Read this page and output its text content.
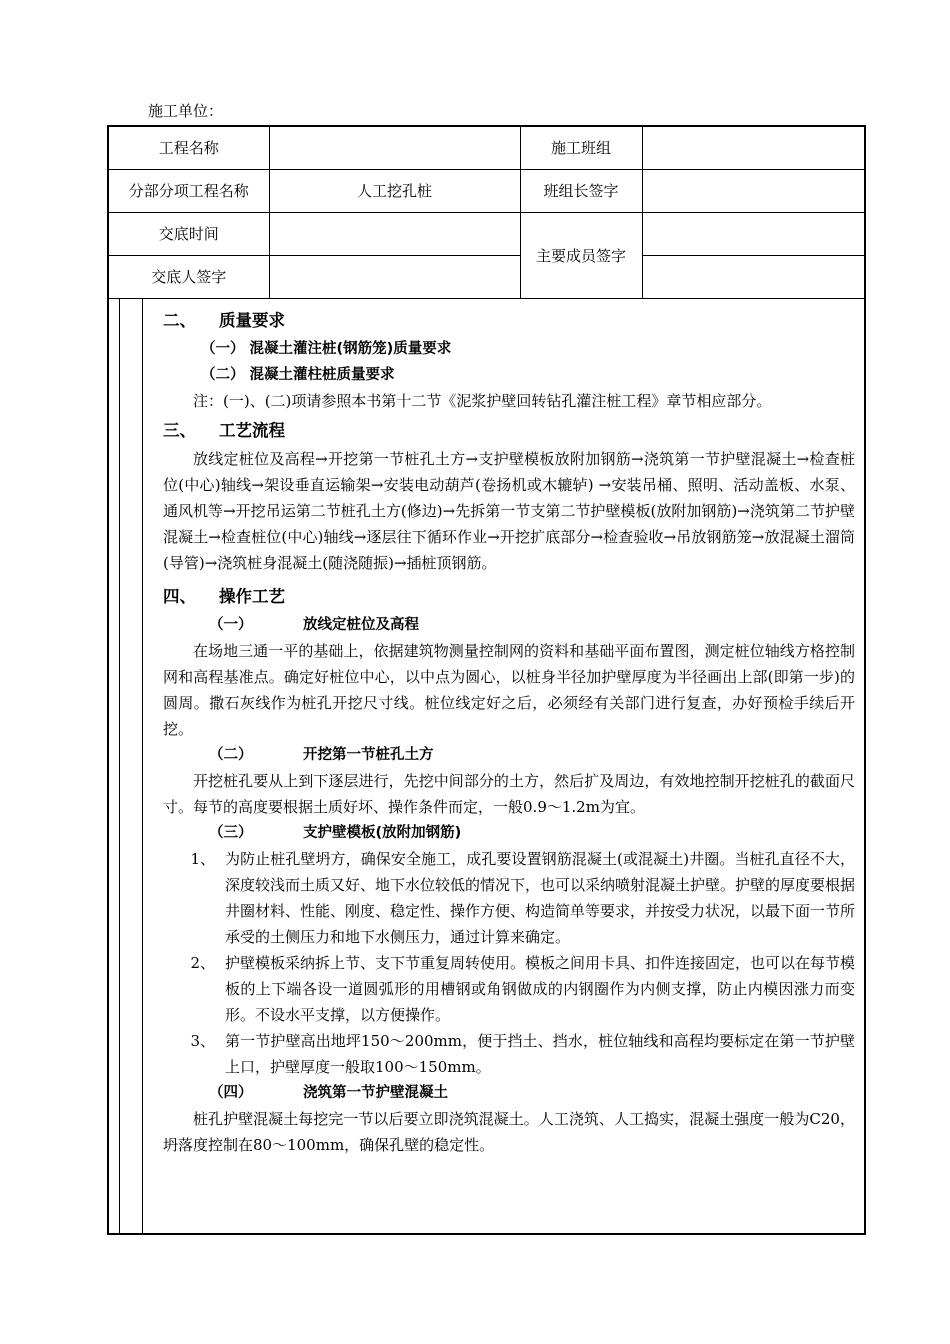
施工单位：
工程名称		施工班组	
分部分项工程名称	人工挖孔桩	班组长签字	
交底时间		主要成员签字	
交底人签字			
二、 质量要求
（一） 混凝土灌注桩(钢筋笼)质量要求
（二） 混凝土灌柱桩质量要求
注：(一)、(二)项请参照本书第十二节《泥浆护壁回转钻孔灌注桩工程》章节相应部分。
三、 工艺流程
放线定桩位及高程→开挖第一节桩孔土方→支护壁模板放附加钢筋→浇筑第一节护壁混凝土→检查桩位(中心)轴线→架设垂直运输架→安装电动葫芦(卷扬机或木辘轳) →安装吊桶、照明、活动盖板、水泵、通风机等→开挖吊运第二节桩孔土方(修边)→先拆第一节支第二节护壁模板(放附加钢筋)→浇筑第二节护壁混凝土→检查桩位(中心)轴线→逐层往下循环作业→开挖扩底部分→检查验收→吊放钢筋笼→放混凝土溜筒(导管)→浇筑桩身混凝土(随浇随振)→插桩顶钢筋。
四、 操作工艺
（一）          放线定桩位及高程
在场地三通一平的基础上，依据建筑物测量控制网的资料和基础平面布置图，测定桩位轴线方格控制网和高程基准点。确定好桩位中心，以中点为圆心，以桩身半径加护壁厚度为半径画出上部(即第一步)的圆周。撒石灰线作为桩孔开挖尺寸线。桩位线定好之后，必须经有关部门进行复查，办好预检手续后开挖。
（二）          开挖第一节桩孔土方
开挖桩孔要从上到下逐层进行，先挖中间部分的土方，然后扩及周边，有效地控制开挖桩孔的截面尺寸。每节的高度要根据土质好坏、操作条件而定，一般0.9～1.2m为宜。
（三）          支护壁模板(放附加钢筋)
1、 为防止桩孔壁坍方，确保安全施工，成孔要设置钢筋混凝土(或混凝土)井圈。当桩孔直径不大，深度较浅而土质又好、地下水位较低的情况下，也可以采纳喷射混凝土护壁。护壁的厚度要根据井圈材料、性能、刚度、稳定性、操作方便、构造简单等要求，并按受力状况，以最下面一节所承受的土侧压力和地下水侧压力，通过计算来确定。
2、 护壁模板采纳拆上节、支下节重复周转使用。模板之间用卡具、扣件连接固定，也可以在每节模板的上下端各设一道圆弧形的用槽钢或角钢做成的内钢圈作为内侧支撑，防止内模因涨力而变形。不设水平支撑，以方便操作。
3、 第一节护壁高出地坪150～200mm，便于挡土、挡水，桩位轴线和高程均要标定在第一节护壁上口，护壁厚度一般取100～150mm。
（四）          浇筑第一节护壁混凝土
桩孔护壁混凝土每挖完一节以后要立即浇筑混凝土。人工浇筑、人工捣实，混凝土强度一般为C20，坍落度控制在80～100mm，确保孔壁的稳定性。
